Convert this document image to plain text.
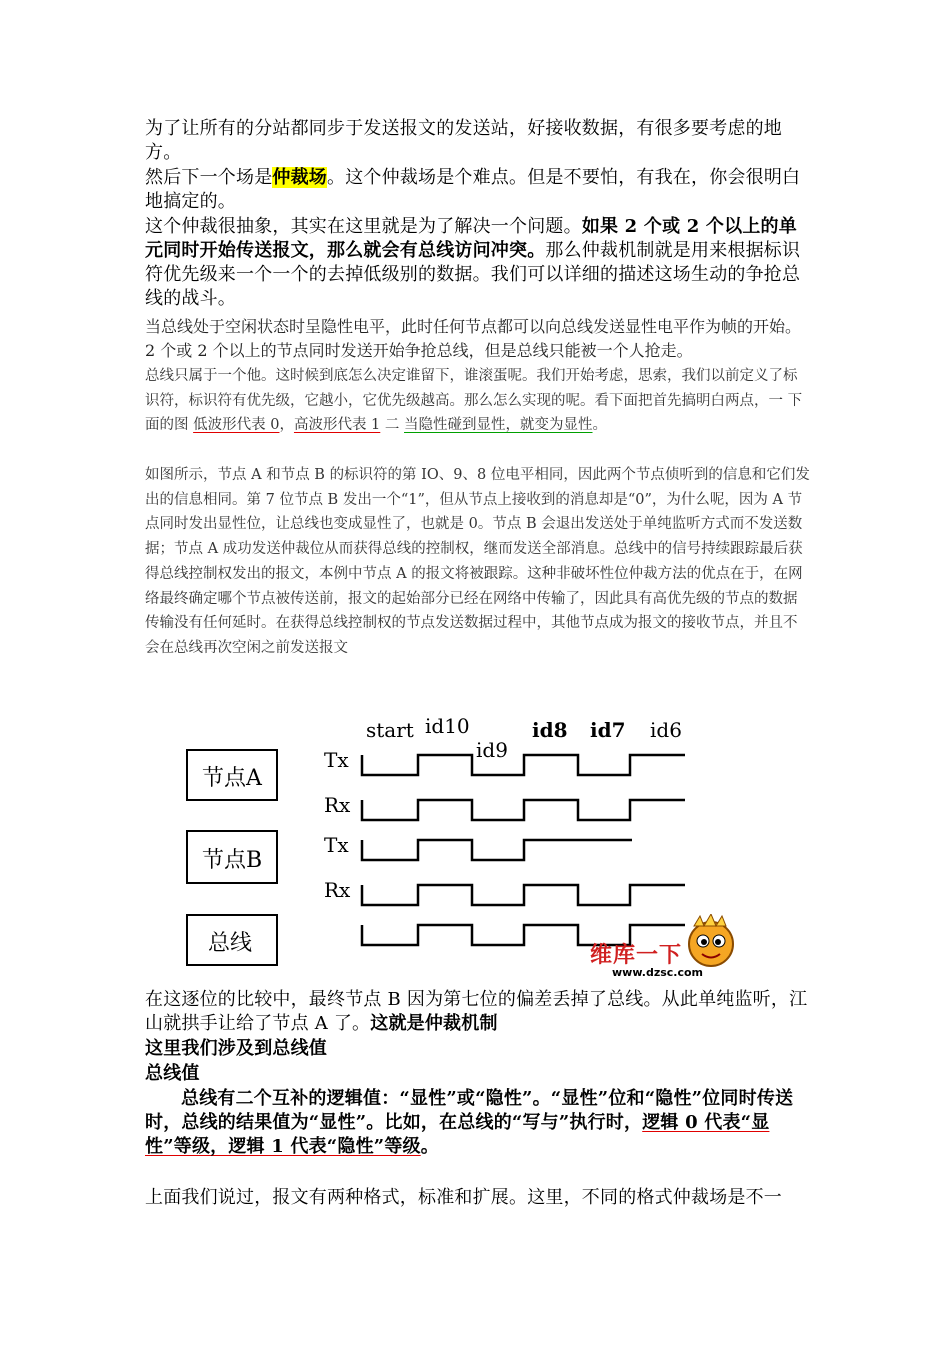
为了让所有的分站都同步于发送报文的发送站，好接收数据，有很多要考虑的地方。

然后下一个场是仲裁场。这个仲裁场是个难点。但是不要怕，有我在，你会很明白地搞定的。

这个仲裁很抽象，其实在这里就是为了解决一个问题。如果 2 个或 2 个以上的单元同时开始传送报文，那么就会有总线访问冲突。那么仲裁机制就是用来根据标识符优先级来一个一个的去掉低级别的数据。我们可以详细的描述这场生动的争抢总线的战斗。

当总线处于空闲状态时呈隐性电平，此时任何节点都可以向总线发送显性电平作为帧的开始。2 个或 2 个以上的节点同时发送开始争抢总线，但是总线只能被一个人抢走。

总线只属于一个他。这时候到底怎么决定谁留下，谁滚蛋呢。我们开始考虑，思索，我们以前定义了标识符，标识符有优先级，它越小，它优先级越高。那么怎么实现的呢。看下面把首先搞明白两点，一 下面的图 低波形代表 0，高波形代表 1 二 当隐性碰到显性，就变为显性。

如图所示，节点 A 和节点 B 的标识符的第 IO、9、8 位电平相同，因此两个节点侦听到的信息和它们发出的信息相同。第 7 位节点 B 发出一个“1”，但从节点上接收到的消息却是“0”，为什么呢，因为 A 节点同时发出显性位，让总线也变成显性了，也就是 0。节点 B 会退出发送处于单纯监听方式而不发送数据；节点 A 成功发送仲裁位从而获得总线的控制权，继而发送全部消息。总线中的信号持续跟踪最后获得总线控制权发出的报文，本例中节点 A 的报文将被跟踪。这种非破坏性位仲裁方法的优点在于，在网络最终确定哪个节点被传送前，报文的起始部分已经在网络中传输了，因此具有高优先级的节点的数据传输没有任何延时。在获得总线控制权的节点发送数据过程中，其他节点成为报文的接收节点，并且不会在总线再次空闲之前发送报文

节点A
节点B
总线
Tx
Rx
Tx
Rx
start id10
id9
id8 id7 id6
维库一下
www.dzsc.com

在这逐位的比较中，最终节点 B 因为第七位的偏差丢掉了总线。从此单纯监听，江山就拱手让给了节点 A 了。这就是仲裁机制

这里我们涉及到总线值

总线值

总线有二个互补的逻辑值：“显性”或“隐性”。“显性”位和“隐性”位同时传送时，总线的结果值为“显性”。比如，在总线的“写与”执行时，逻辑 0 代表“显性”等级，逻辑 1 代表“隐性”等级。

上面我们说过，报文有两种格式，标准和扩展。这里，不同的格式仲裁场是不一
